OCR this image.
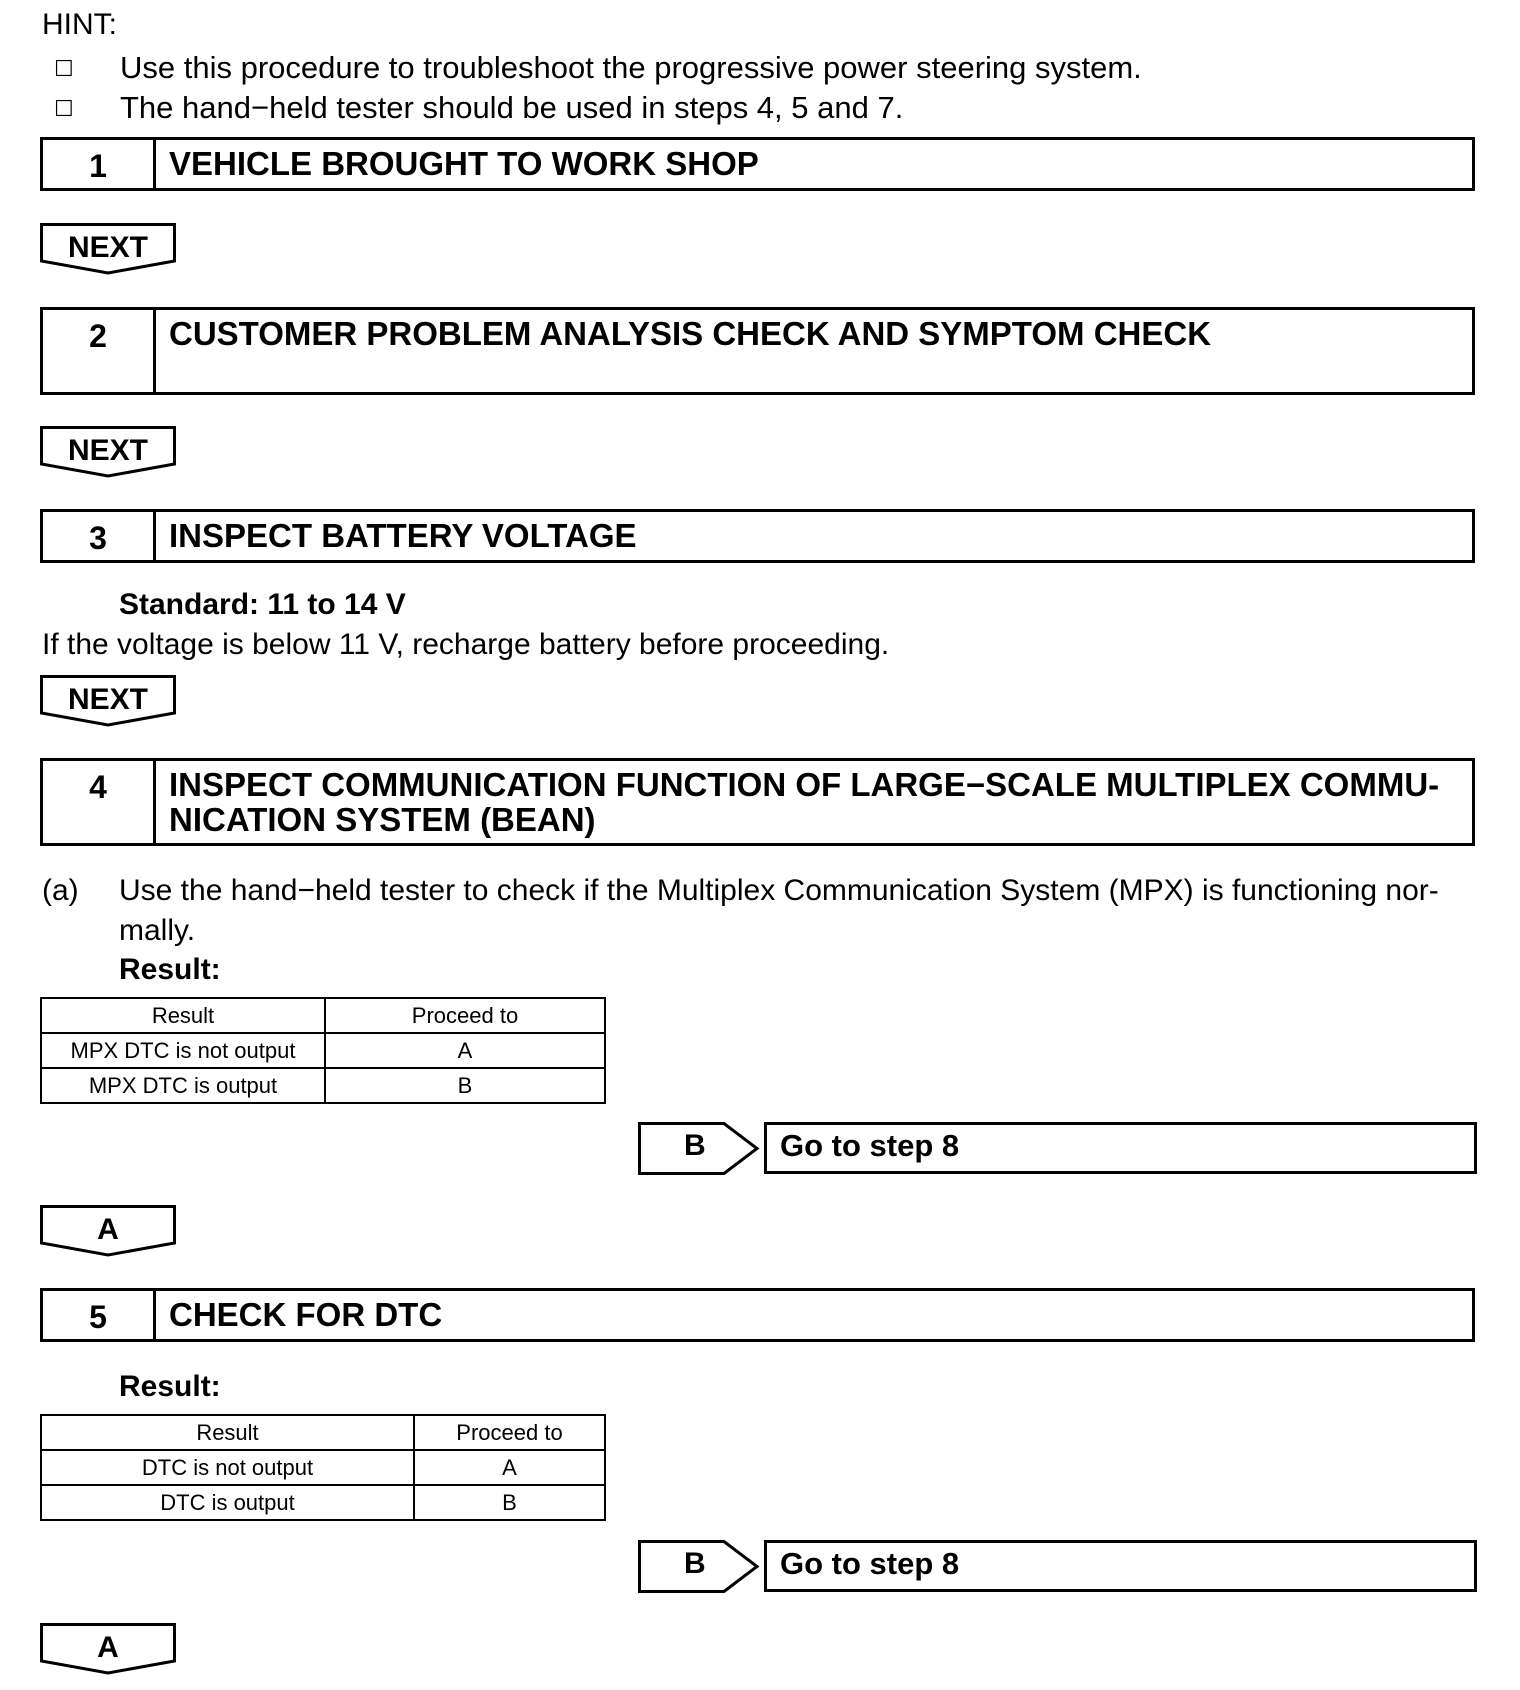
HINT:
☐ Use this procedure to troubleshoot the progressive power steering system.
☐ The hand−held tester should be used in steps 4, 5 and 7.
1	VEHICLE BROUGHT TO WORK SHOP
NEXT
2	CUSTOMER PROBLEM ANALYSIS CHECK AND SYMPTOM CHECK
NEXT
3	INSPECT BATTERY VOLTAGE
Standard: 11 to 14 V
If the voltage is below 11 V, recharge battery before proceeding.
NEXT
4	INSPECT COMMUNICATION FUNCTION OF LARGE−SCALE MULTIPLEX COMMU-
NICATION SYSTEM (BEAN)
(a) Use the hand−held tester to check if the Multiplex Communication System (MPX) is functioning nor-
mally.
Result:
Result	Proceed to
MPX DTC is not output	A
MPX DTC is output	B
B Go to step 8
A
5	CHECK FOR DTC
Result:
Result	Proceed to
DTC is not output	A
DTC is output	B
B Go to step 8
A
